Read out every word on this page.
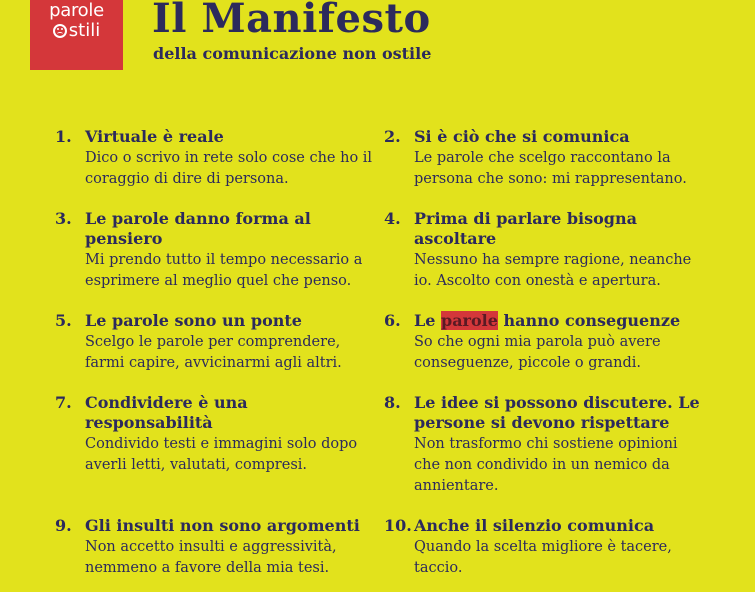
parole
stili Il Manifesto
della comunicazione non ostile
1. Virtuale è reale
Dico o scrivo in rete solo cose che ho il coraggio di dire di persona.
2. Si è ciò che si comunica
Le parole che scelgo raccontano la persona che sono: mi rappresentano.
3. Le parole danno forma al pensiero
Mi prendo tutto il tempo necessario a esprimere al meglio quel che penso.
4. Prima di parlare bisogna ascoltare
Nessuno ha sempre ragione, neanche io. Ascolto con onestà e apertura.
5. Le parole sono un ponte
Scelgo le parole per comprendere, farmi capire, avvicinarmi agli altri.
6. Le parole hanno conseguenze
So che ogni mia parola può avere conseguenze, piccole o grandi.
7. Condividere è una responsabilità
Condivido testi e immagini solo dopo averli letti, valutati, compresi.
8. Le idee si possono discutere. Le persone si devono rispettare
Non trasformo chi sostiene opinioni che non condivido in un nemico da annientare.
9. Gli insulti non sono argomenti
Non accetto insulti e aggressività, nemmeno a favore della mia tesi.
10. Anche il silenzio comunica
Quando la scelta migliore è tacere, taccio.
